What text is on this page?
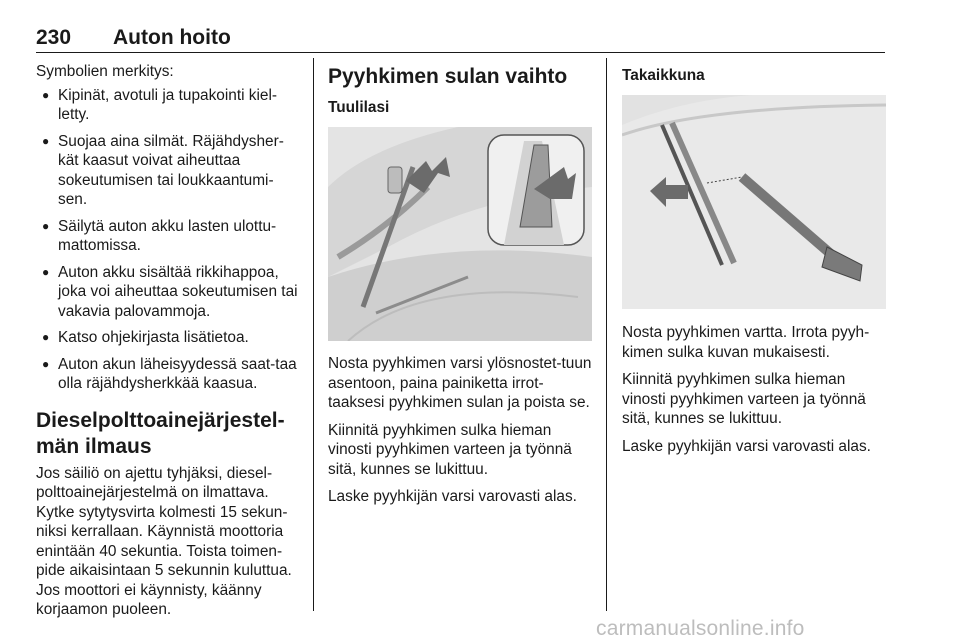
230 Auton hoito

Symbolien merkitys:

● Kipinät, avotuli ja tupakointi kiel-letty.
● Suojaa aina silmät. Räjähdysher-kät kaasut voivat aiheuttaa sokeutumisen tai loukkaantumi-sen.
● Säilytä auton akku lasten ulottu-mattomissa.
● Auton akku sisältää rikkihappoa, joka voi aiheuttaa sokeutumisen tai vakavia palovammoja.
● Katso ohjekirjasta lisätietoa.
● Auton akun läheisyydessä saat-taa olla räjähdysherkkää kaasua.
Dieselpolttoainejärjestel-män ilmaus

Jos säiliö on ajettu tyhjäksi, diesel-polttoainejärjestelmä on ilmattava. Kytke sytytysvirta kolmesti 15 sekun-niksi kerrallaan. Käynnistä moottoria enintään 40 sekuntia. Toista toimen-pide aikaisintaan 5 sekunnin kuluttua. Jos moottori ei käynnisty, käänny korjaamon puoleen.

Pyyhkimen sulan vaihto
Tuulilasi

Nosta pyyhkimen varsi ylösnostet-tuun asentoon, paina painiketta irrot-taaksesi pyyhkimen sulan ja poista se.

Kiinnitä pyyhkimen sulka hieman vinosti pyyhkimen varteen ja työnnä sitä, kunnes se lukittuu.

Laske pyyhkijän varsi varovasti alas.

Takaikkuna

Nosta pyyhkimen vartta. Irrota pyyh-kimen sulka kuvan mukaisesti.

Kiinnitä pyyhkimen sulka hieman vinosti pyyhkimen varteen ja työnnä sitä, kunnes se lukittuu.

Laske pyyhkijän varsi varovasti alas.

carmanualsonline.info
